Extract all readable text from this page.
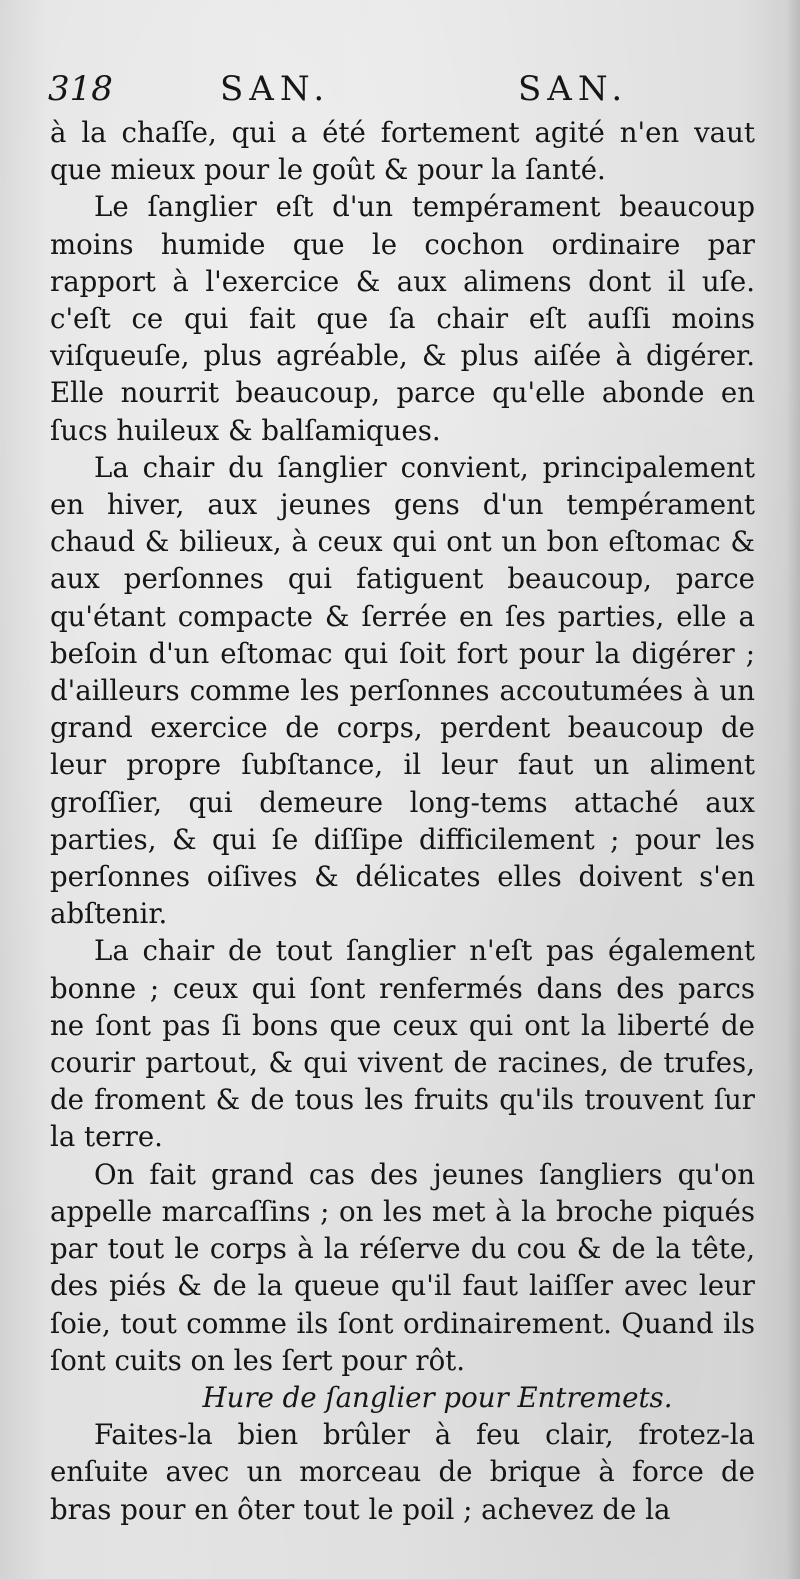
318	SAN.	SAN.

à la chaſſe, qui a été fortement agité n'en vaut que mieux pour le goût & pour la ſanté.

Le ſanglier eſt d'un tempérament beaucoup moins humide que le cochon ordinaire par rapport à l'exercice & aux alimens dont il uſe. c'eſt ce qui fait que ſa chair eſt auſſi moins viſqueuſe, plus agréable, & plus aiſée à digérer. Elle nourrit beaucoup, parce qu'elle abonde en ſucs huileux & balſamiques.

La chair du ſanglier convient, principalement en hiver, aux jeunes gens d'un tempérament chaud & bilieux, à ceux qui ont un bon eſtomac & aux perſonnes qui fatiguent beaucoup, parce qu'étant compacte & ſerrée en ſes parties, elle a beſoin d'un eſtomac qui ſoit fort pour la digérer ; d'ailleurs comme les perſonnes accoutumées à un grand exercice de corps, perdent beaucoup de leur propre ſubſtance, il leur faut un aliment groſſier, qui demeure long-tems attaché aux parties, & qui ſe diſſipe difficilement ; pour les perſonnes oiſives & délicates elles doivent s'en abſtenir.

La chair de tout ſanglier n'eſt pas également bonne ; ceux qui ſont renfermés dans des parcs ne ſont pas ſi bons que ceux qui ont la liberté de courir partout, & qui vivent de racines, de trufes, de froment & de tous les fruits qu'ils trouvent ſur la terre.

On fait grand cas des jeunes ſangliers qu'on appelle marcaſſins ; on les met à la broche piqués par tout le corps à la réſerve du cou & de la tête, des piés & de la queue qu'il faut laiſſer avec leur ſoie, tout comme ils ſont ordinairement. Quand ils ſont cuits on les ſert pour rôt.

Hure de ſanglier pour Entremets.

Faites-la bien brûler à feu clair, frotez-la enſuite avec un morceau de brique à force de bras pour en ôter tout le poil ; achevez de la
